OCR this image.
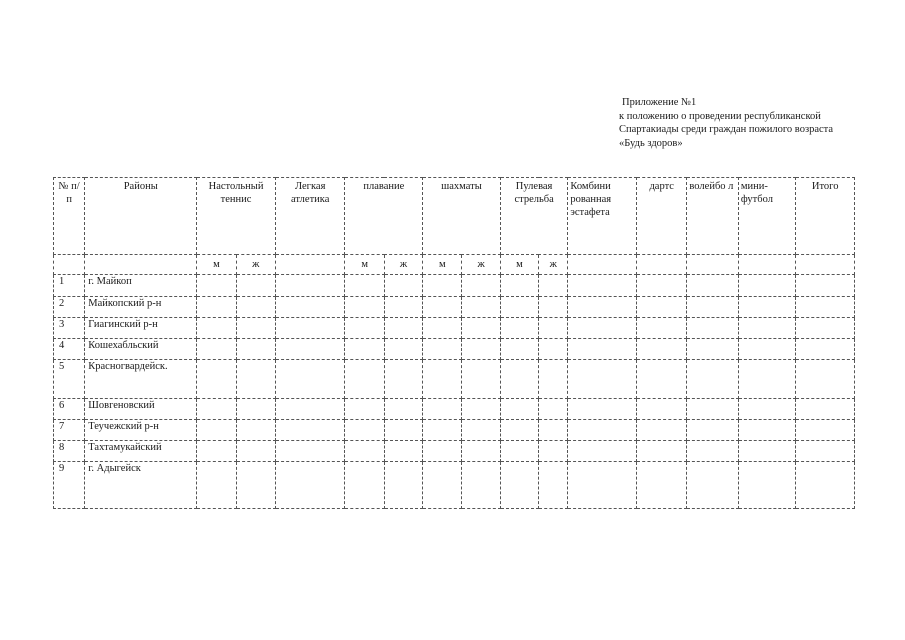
Приложение №1
к положению о проведении республиканской
Спартакиады среди граждан пожилого возраста
«Будь здоров»
№ п/п	Районы	Настольный теннис		Легкая атлетика	плавание		шахматы		Пулевая стрельба		Комбини рованная эстафета	дартс	волейбо л	мини- футбол	Итого
		м	ж		м	ж	м	ж	м	ж					
1	г. Майкоп														
2	Майкопский р-н														
3	Гиагинский р-н														
4	Кошехабльский														
5	Красногвардейск.														
6	Шовгеновский														
7	Теучежский р-н														
8	Тахтамукайский														
9	г. Адыгейск														
